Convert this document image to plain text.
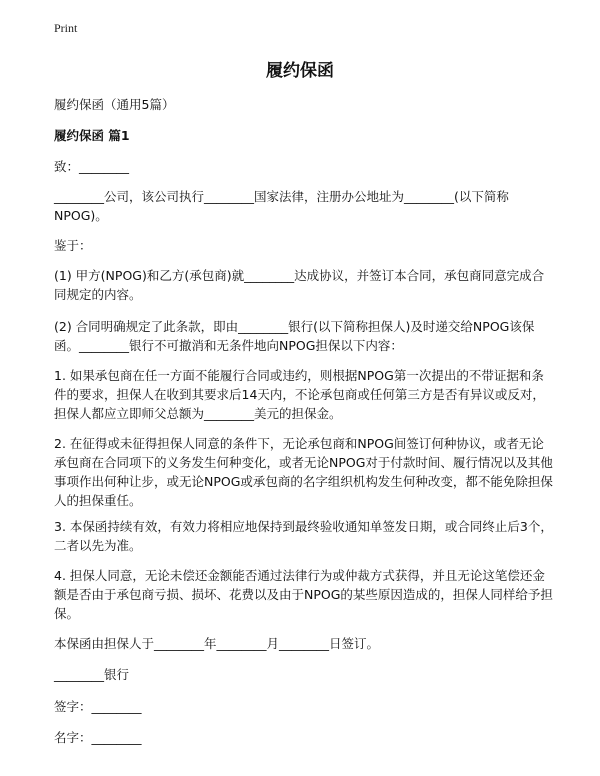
Print
履约保函
履约保函（通用5篇）
履约保函 篇1
致：________
________公司，该公司执行________国家法律，注册办公地址为________(以下简称NPOG)。
鉴于：
(1) 甲方(NPOG)和乙方(承包商)就________达成协议，并签订本合同，承包商同意完成合同规定的内容。
(2) 合同明确规定了此条款，即由________银行(以下简称担保人)及时递交给NPOG该保函。________银行不可撤消和无条件地向NPOG担保以下内容：
1. 如果承包商在任一方面不能履行合同或违约，则根据NPOG第一次提出的不带证据和条件的要求，担保人在收到其要求后14天内，不论承包商或任何第三方是否有异议或反对，担保人都应立即师父总额为________美元的担保金。
2. 在征得或未征得担保人同意的条件下，无论承包商和NPOG间签订何种协议，或者无论承包商在合同项下的义务发生何种变化，或者无论NPOG对于付款时间、履行情况以及其他事项作出何种让步，或无论NPOG或承包商的名字组织机构发生何种改变，都不能免除担保人的担保重任。
3. 本保函持续有效，有效力将相应地保持到最终验收通知单签发日期，或合同终止后3个，二者以先为准。
4. 担保人同意，无论未偿还金额能否通过法律行为或仲裁方式获得，并且无论这笔偿还金额是否由于承包商亏损、损坏、花费以及由于NPOG的某些原因造成的，担保人同样给予担保。
本保函由担保人于________年________月________日签订。
________银行
签字：________
名字：________
